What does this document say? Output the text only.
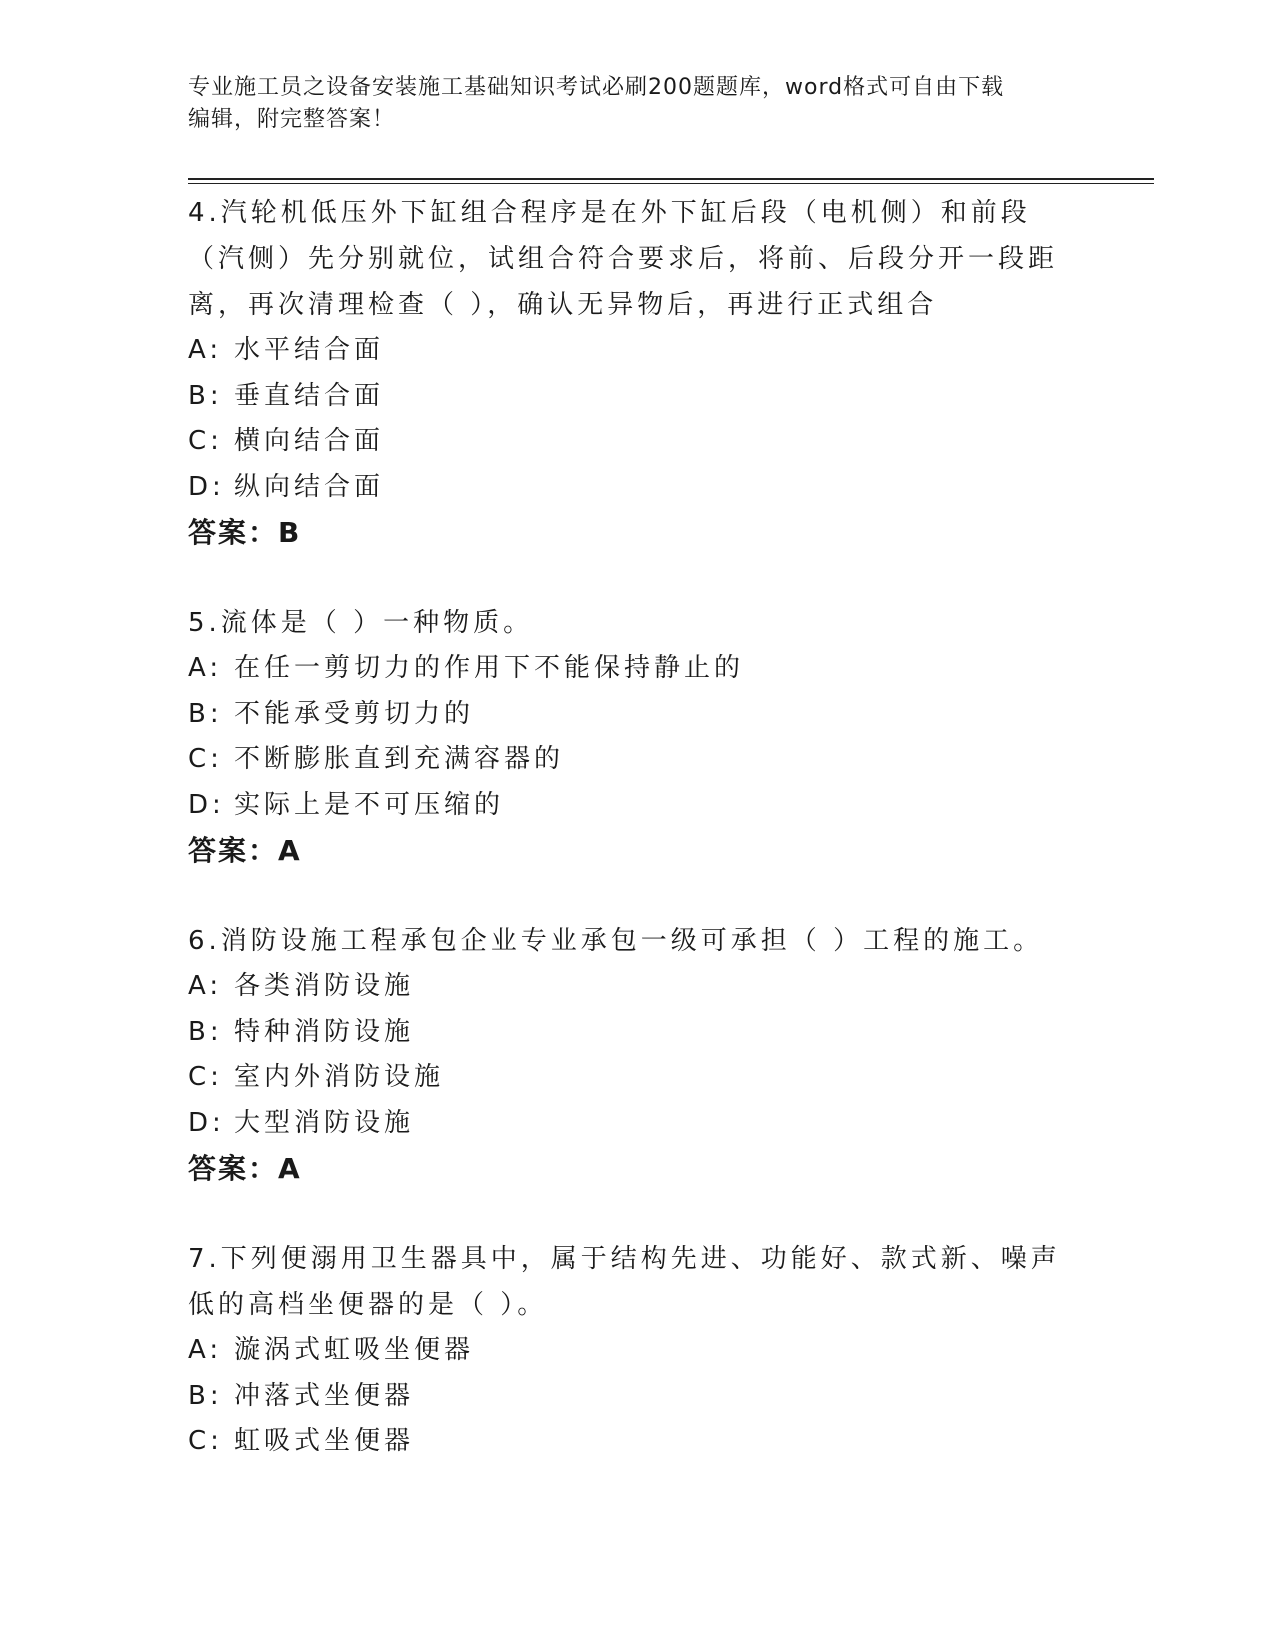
专业施工员之设备安装施工基础知识考试必刷200题题库，word格式可自由下载
编辑，附完整答案！
4.汽轮机低压外下缸组合程序是在外下缸后段（电机侧）和前段（汽侧）先分别就位，试组合符合要求后，将前、后段分开一段距离，再次清理检查（ ），确认无异物后，再进行正式组合
A: 水平结合面
B: 垂直结合面
C: 横向结合面
D: 纵向结合面
答案：B
5.流体是（ ）一种物质。
A: 在任一剪切力的作用下不能保持静止的
B: 不能承受剪切力的
C: 不断膨胀直到充满容器的
D: 实际上是不可压缩的
答案：A
6.消防设施工程承包企业专业承包一级可承担（ ）工程的施工。
A: 各类消防设施
B: 特种消防设施
C: 室内外消防设施
D: 大型消防设施
答案：A
7.下列便溺用卫生器具中，属于结构先进、功能好、款式新、噪声低的高档坐便器的是（ ）。
A: 漩涡式虹吸坐便器
B: 冲落式坐便器
C: 虹吸式坐便器
